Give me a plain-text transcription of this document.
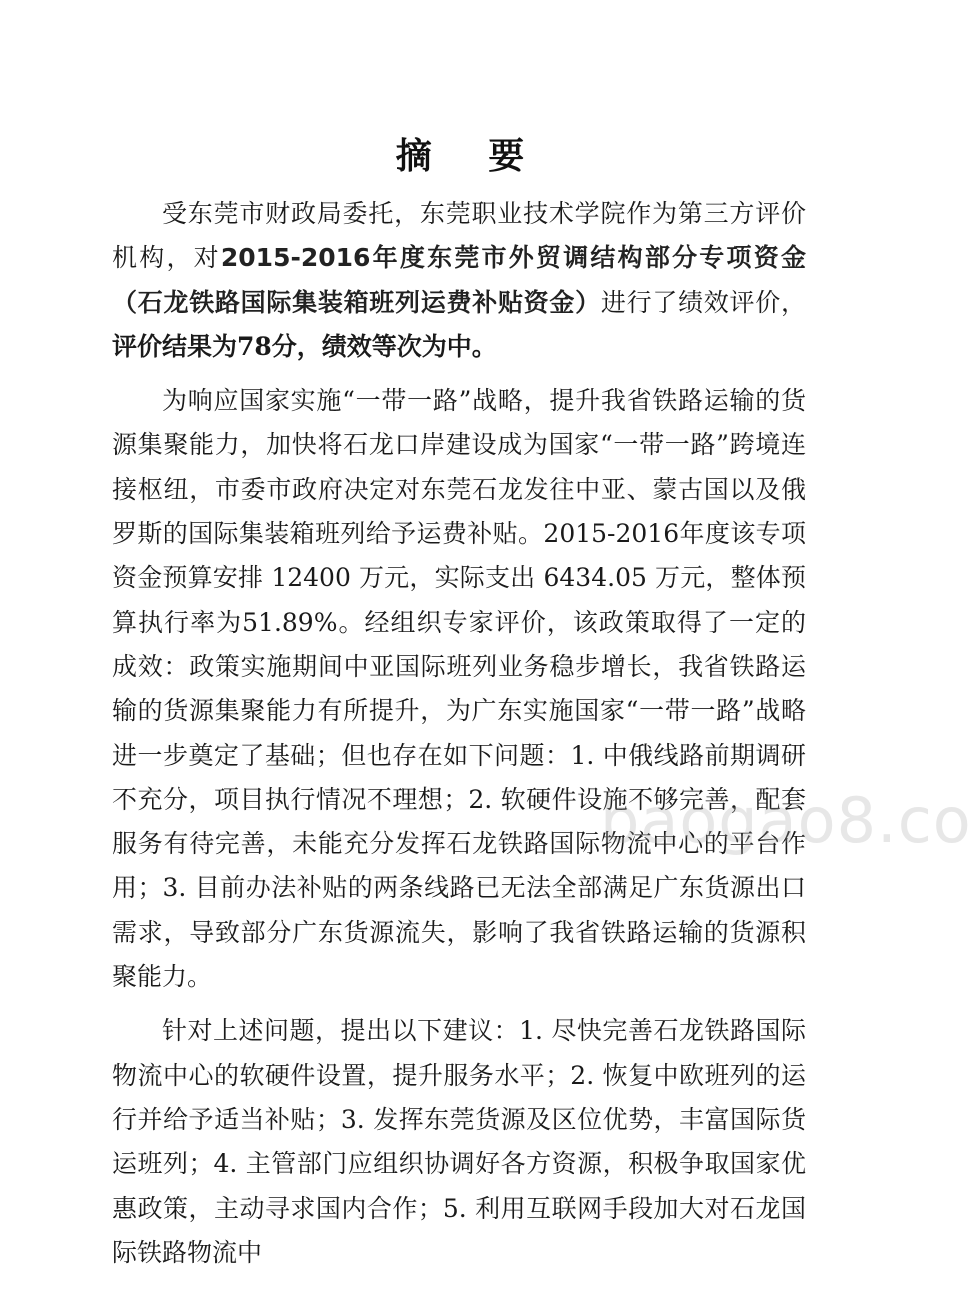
摘 要

受东莞市财政局委托，东莞职业技术学院作为第三方评价机构，对2015-2016年度东莞市外贸调结构部分专项资金（石龙铁路国际集装箱班列运费补贴资金）进行了绩效评价，评价结果为78分，绩效等次为中。

为响应国家实施“一带一路”战略，提升我省铁路运输的货源集聚能力，加快将石龙口岸建设成为国家“一带一路”跨境连接枢纽，市委市政府决定对东莞石龙发往中亚、蒙古国以及俄罗斯的国际集装箱班列给予运费补贴。2015-2016年度该专项资金预算安排 12400 万元，实际支出 6434.05 万元，整体预算执行率为51.89%。经组织专家评价，该政策取得了一定的成效：政策实施期间中亚国际班列业务稳步增长，我省铁路运输的货源集聚能力有所提升，为广东实施国家“一带一路”战略进一步奠定了基础；但也存在如下问题：1. 中俄线路前期调研不充分，项目执行情况不理想；2. 软硬件设施不够完善，配套服务有待完善，未能充分发挥石龙铁路国际物流中心的平台作用；3. 目前办法补贴的两条线路已无法全部满足广东货源出口需求，导致部分广东货源流失，影响了我省铁路运输的货源积聚能力。

针对上述问题，提出以下建议：1. 尽快完善石龙铁路国际物流中心的软硬件设置，提升服务水平；2. 恢复中欧班列的运行并给予适当补贴；3. 发挥东莞货源及区位优势，丰富国际货运班列；4. 主管部门应组织协调好各方资源，积极争取国家优惠政策，主动寻求国内合作；5. 利用互联网手段加大对石龙国际铁路物流中

baogao8.co
